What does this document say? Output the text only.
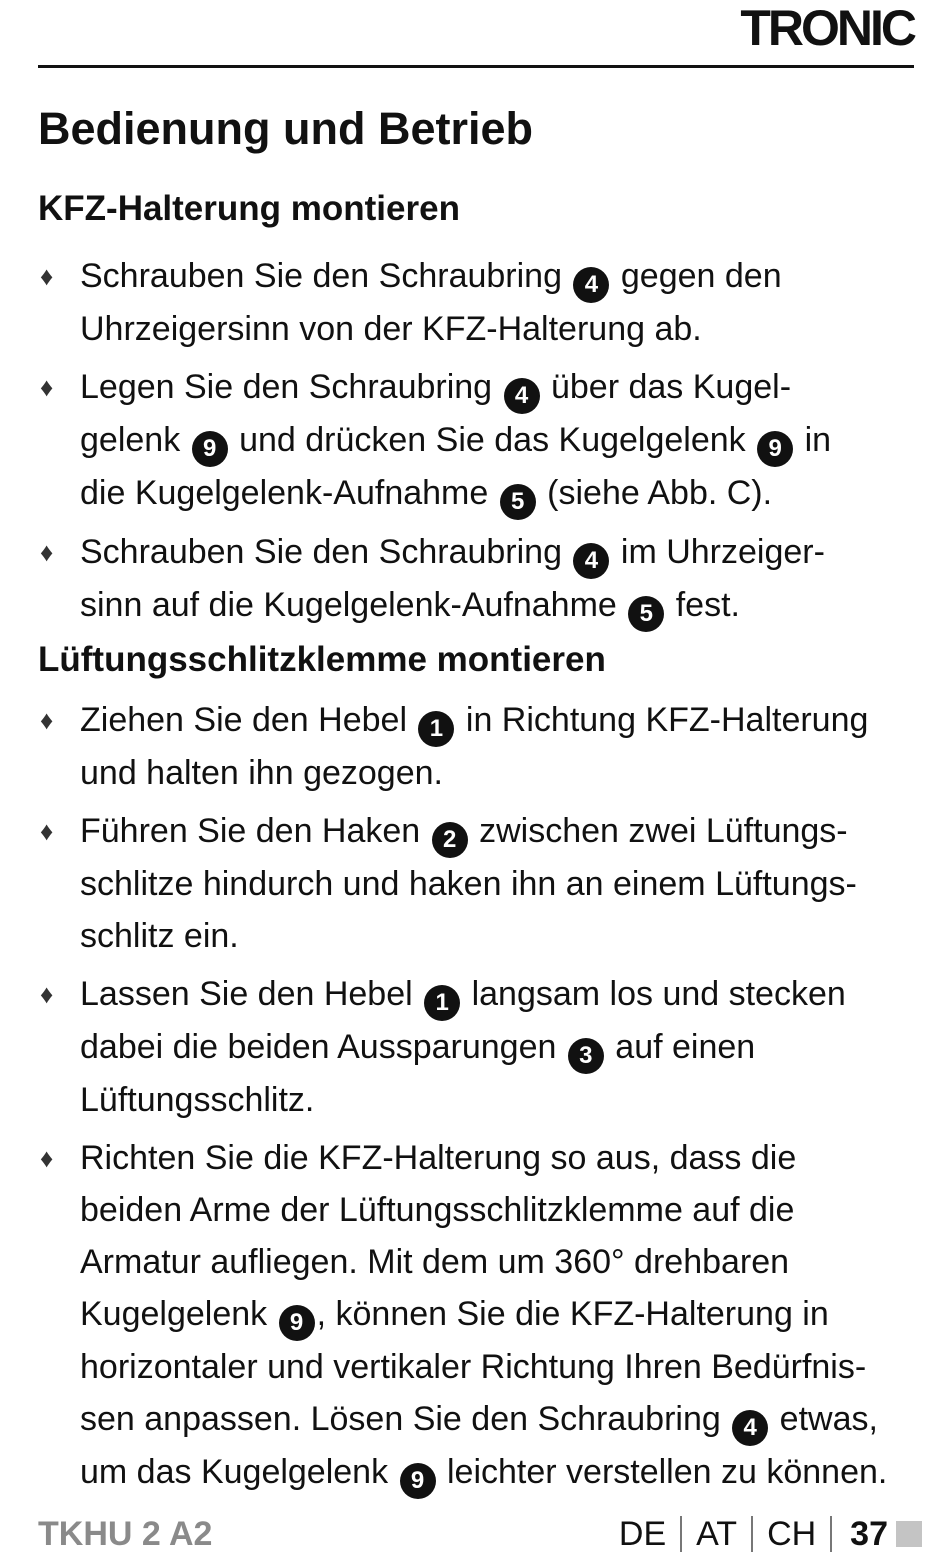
TRONIC
Bedienung und Betrieb
KFZ-Halterung montieren
♦ Schrauben Sie den Schraubring 4 gegen den
Uhrzeigersinn von der KFZ-Halterung ab.
♦ Legen Sie den Schraubring 4 über das Kugel-
gelenk 9 und drücken Sie das Kugelgelenk 9 in
die Kugelgelenk-Aufnahme 5 (siehe Abb. C).
♦ Schrauben Sie den Schraubring 4 im Uhrzeiger-
sinn auf die Kugelgelenk-Aufnahme 5 fest.
Lüftungsschlitzklemme montieren
♦ Ziehen Sie den Hebel 1 in Richtung KFZ-Halterung
und halten ihn gezogen.
♦ Führen Sie den Haken 2 zwischen zwei Lüftungs-
schlitze hindurch und haken ihn an einem Lüftungs-
schlitz ein.
♦ Lassen Sie den Hebel 1 langsam los und stecken
dabei die beiden Aussparungen 3 auf einen
Lüftungsschlitz.
♦ Richten Sie die KFZ-Halterung so aus, dass die
beiden Arme der Lüftungsschlitzklemme auf die
Armatur aufliegen. Mit dem um 360° drehbaren
Kugelgelenk 9 , können Sie die KFZ-Halterung in
horizontaler und vertikaler Richtung Ihren Bedürfnis-
sen anpassen. Lösen Sie den Schraubring 4 etwas,
um das Kugelgelenk 9 leichter verstellen zu können.
TKHU 2 A2	DE AT CH 37
